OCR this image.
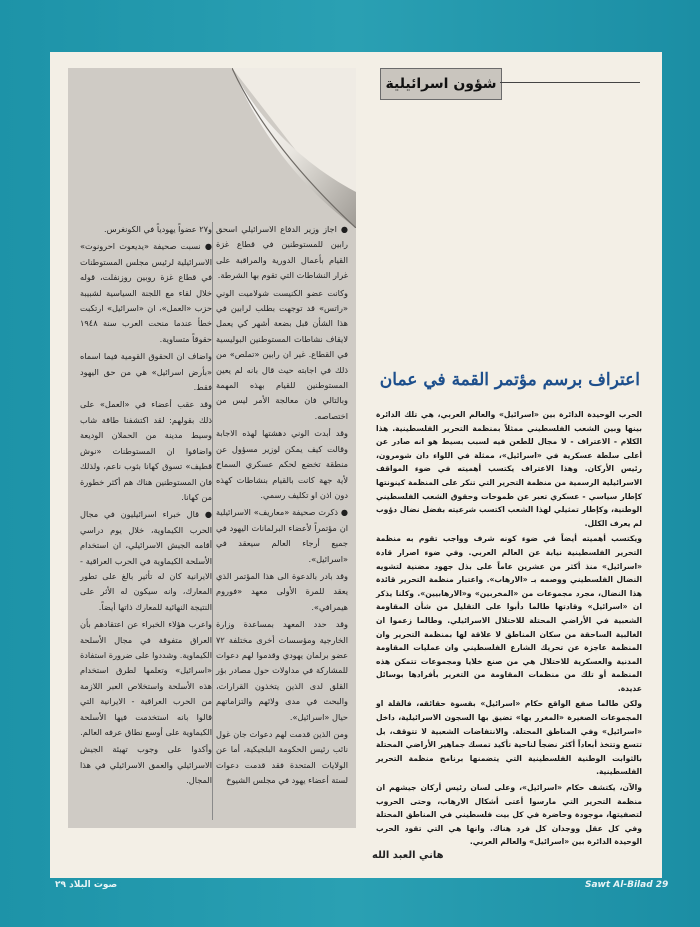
شؤون اسرائيلية
اعتراف برسم مؤتمر القمة في عمان

الحرب الوحيدة الدائرة بين «اسرائيل» والعالم العربي، هي تلك الدائرة بينها وبين الشعب الفلسطيني ممثلاً بمنظمة التحرير الفلسطينية. هذا الكلام - الاعتراف - لا مجال للطعن فيه لسبب بسيط هو انه صادر عن أعلى سلطة عسكرية في «اسرائيل»، ممثلة في اللواء دان شومرون، رئيس الأركان. وهذا الاعتراف يكتسب أهميته في ضوء المواقف الاسرائيلية الرسمية من منظمة التحرير التي تنكر على المنظمة كينونتها كإطار سياسي - عسكري تعبر عن طموحات وحقوق الشعب الفلسطيني الوطنية، وكإطار تمثيلي لهذا الشعب اكتسب شرعيته بفضل نضال دؤوب لم يعرف الكلل.

ويكتسب أهميته أيضاً في ضوء كونه شرف وواجب تقوم به منظمة التحرير الفلسطينية نيابة عن العالم العربي. وفي ضوء اصرار قادة «اسرائيل» منذ أكثر من عشرين عاماً على بذل جهود مضنية لتشويه النضال الفلسطيني ووصمه بـ «الارهاب». واعتبار منظمة التحرير قائدة هذا النضال، مجرد مجموعات من «المخربين» و«الارهابيين». وكلنا يذكر ان «اسرائيل» وقادتها طالما دأبوا على التقليل من شأن المقاومة الشعبية في الأراضي المحتلة للاحتلال الاسرائيلي. وطالما زعموا ان الغالبية الساحقة من سكان المناطق لا علاقة لها بمنظمة التحرير وان المنظمة عاجزة عن تحريك الشارع الفلسطيني وان عمليات المقاومة المدنية والعسكرية للاحتلال هي من صنع خلايا ومجموعات تتمكن هذه المنظمة أو تلك من منظمات المقاومة من التغرير بأفرادها بوسائل عديدة.

ولكن طالما صفع الواقع حكام «اسرائيل» بقسوة حقائقه، فالقلة او المجموعات الصغيرة «المغرر بها» تضيق بها السجون الاسرائيلية، داخل «اسرائيل» وفي المناطق المحتلة. والانتفاضات الشعبية لا تتوقف، بل تتسع وتتخذ أبعاداً أكثر نضجاً لناحية تأكيد تمسك جماهير الأراضي المحتلة بالثوابت الوطنية الفلسطينية التي يتضمنها برنامج منظمة التحرير الفلسطينية.

والآن، يكتشف حكام «اسرائيل»، وعلى لسان رئيس أركان جيشهم ان منظمة التحرير التي مارسوا أعتى أشكال الارهاب، وحتى الحروب لتصفيتها، موجودة وحاضرة في كل بيت فلسطيني في المناطق المحتلة وفي كل عقل ووجدان كل فرد هناك. وانها هي التي تقود الحرب الوحيدة الدائرة بين «اسرائيل» والعالم العربي.

هاني العبد الله

● اجاز وزير الدفاع الاسرائيلي اسحق رابين للمستوطنين في قطاع غزة القيام بأعمال الدورية والمراقبة على غرار النشاطات التي تقوم بها الشرطة.

وكانت عضو الكنيست شولاميت الوني «راتس» قد توجهت بطلب لرابين في هذا الشأن قبل بضعة أشهر كي يعمل لايقاف نشاطات المستوطنين البوليسية في القطاع. غير ان رابين «تملص» من ذلك في اجابته حيث قال بانه لم يعين المستوطنين للقيام بهذه المهمة وبالتالي فان معالجة الأمر ليس من اختصاصه.

وقد أبدت الوني دهشتها لهذه الاجابة وقالت كيف يمكن لوزير مسؤول عن منطقة تخضع لحكم عسكري السماح لأية جهة كانت بالقيام بنشاطات كهذه دون اذن او تكليف رسمي.

● ذكرت صحيفة «معاريف» الاسرائيلية ان مؤتمراً لأعضاء البرلمانات اليهود في جميع أرجاء العالم سيعقد في «اسرائيل».

وقد بادر بالدعوة الى هذا المؤتمر الذي يعقد للمرة الأولى معهد «فوروم هيمرافي».

وقد حدد المعهد بمساعدة وزارة الخارجية ومؤسسات أخرى مختلفة ٧٢ عضو برلمان يهودي وقدموا لهم دعوات للمشاركة في مداولات حول مصادر بؤر القلق لدى الذين يتخذون القرارات، والبحث في مدى ولائهم والتزاماتهم حيال «اسرائيل».

ومن الذين قدمت لهم دعوات جان غول نائب رئيس الحكومة البلجيكية، أما عن الولايات المتحدة فقد قدمت دعوات لستة أعضاء يهود في مجلس الشيوخ

و٢٧ عضواً يهودياً في الكونغرس.

● نسبت صحيفة «يديعوت احرونوت» الاسرائيلية لرئيس مجلس المستوطنات في قطاع غزة روبين روزنفلت، قوله خلال لقاء مع اللجنة السياسية لشبيبة حزب «العمل»، ان «اسرائيل» ارتكبت خطأ عندما منحت العرب سنة ١٩٤٨ حقوقاً متساوية.

واضاف ان الحقوق القومية فيما اسماه «بأرض اسرائيل» هي من حق اليهود فقط.

وقد عقب أعضاء في «العمل» على ذلك بقولهم: لقد اكتشفنا طاقة شاب وسيط مدينة من الحملان الوديعة واضافوا ان المستوطنات «نوش قطيف» تسوق كهانا بثوب ناعم، ولذلك فان المستوطنين هناك هم أكثر خطورة من كهانا.

● قال خبراء اسرائيليون في مجال الحرب الكيماوية، خلال يوم دراسي أقامه الجيش الاسرائيلي، ان استخدام الأسلحة الكيماوية في الحرب العراقية - الايرانية كان له تأثير بالغ على تطور المعارك، وانه سيكون له الأثر على النتيجة النهائية للمعارك ذاتها أيضاً.

واعرب هؤلاء الخبراء عن اعتقادهم بأن العراق متفوقة في مجال الأسلحة الكيماوية. وشددوا على ضرورة استفادة «اسرائيل» وتعلمها لطرق استخدام هذه الأسلحة واستخلاص العبر اللازمة من الحرب العراقية - الايرانية التي قالوا بانه استخدمت فيها الأسلحة الكيماوية على أوسع نطاق عرفه العالم.

وأكدوا على وجوب تهيئة الجيش الاسرائيلي والعمق الاسرائيلي في هذا المجال.

صوت البلاد ٢٩	Sawt Al-Bilad 29
